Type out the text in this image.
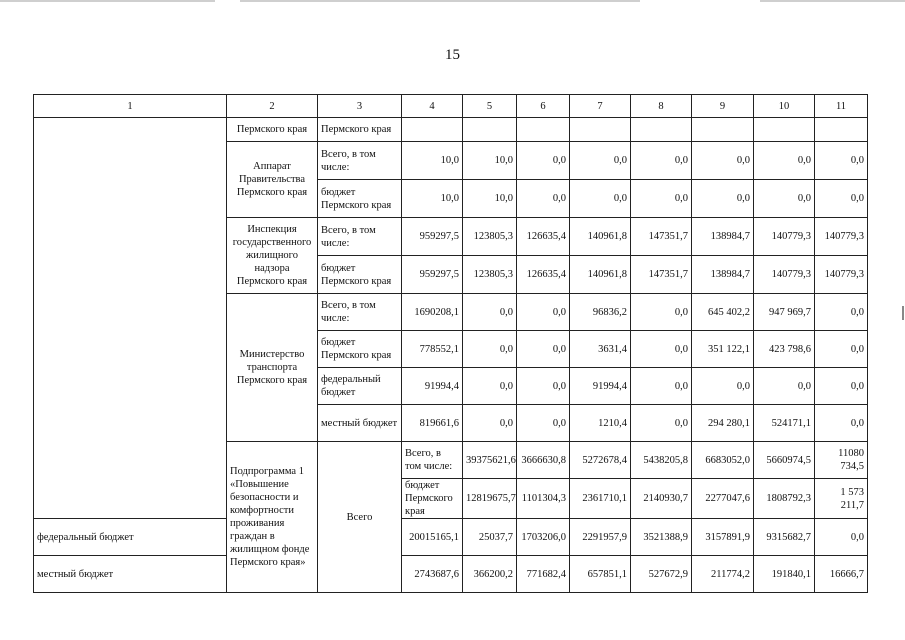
15
1	2	3	4	5	6	7	8	9	10	11	
	Пермского края	Пермского края									
	Аппарат Правительства Пермского края	Всего, в том числе:	10,0	10,0	0,0	0,0	0,0	0,0	0,0	0,0	
		бюджет Пермского края	10,0	10,0	0,0	0,0	0,0	0,0	0,0	0,0	
	Инспекция государственного жилищного надзора Пермского края	Всего, в том числе:	959297,5	123805,3	126635,4	140961,8	147351,7	138984,7	140779,3	140779,3	
		бюджет Пермского края	959297,5	123805,3	126635,4	140961,8	147351,7	138984,7	140779,3	140779,3	
	Министерство транспорта Пермского края	Всего, в том числе:	1690208,1	0,0	0,0	96836,2	0,0	645 402,2	947 969,7	0,0	
		бюджет Пермского края	778552,1	0,0	0,0	3631,4	0,0	351 122,1	423 798,6	0,0	
		федеральный бюджет	91994,4	0,0	0,0	91994,4	0,0	0,0	0,0	0,0	
		местный бюджет	819661,6	0,0	0,0	1210,4	0,0	294 280,1	524171,1	0,0	
	Подпрограмма 1 «Повышение безопасности и комфортности проживания граждан в жилищном фонде Пермского края»	Всего	Всего, в том числе:	39375621,6	3666630,8	5272678,4	5438205,8	6683052,0	5660974,5	11080 734,5	
			бюджет Пермского края	12819675,7	1101304,3	2361710,1	2140930,7	2277047,6	1808792,3	1 573 211,7	
федеральный бюджет			20015165,1	25037,7	1703206,0	2291957,9	3521388,9	3157891,9	9315682,7	0,0	
местный бюджет			2743687,6	366200,2	771682,4	657851,1	527672,9	211774,2	191840,1	16666,7	
